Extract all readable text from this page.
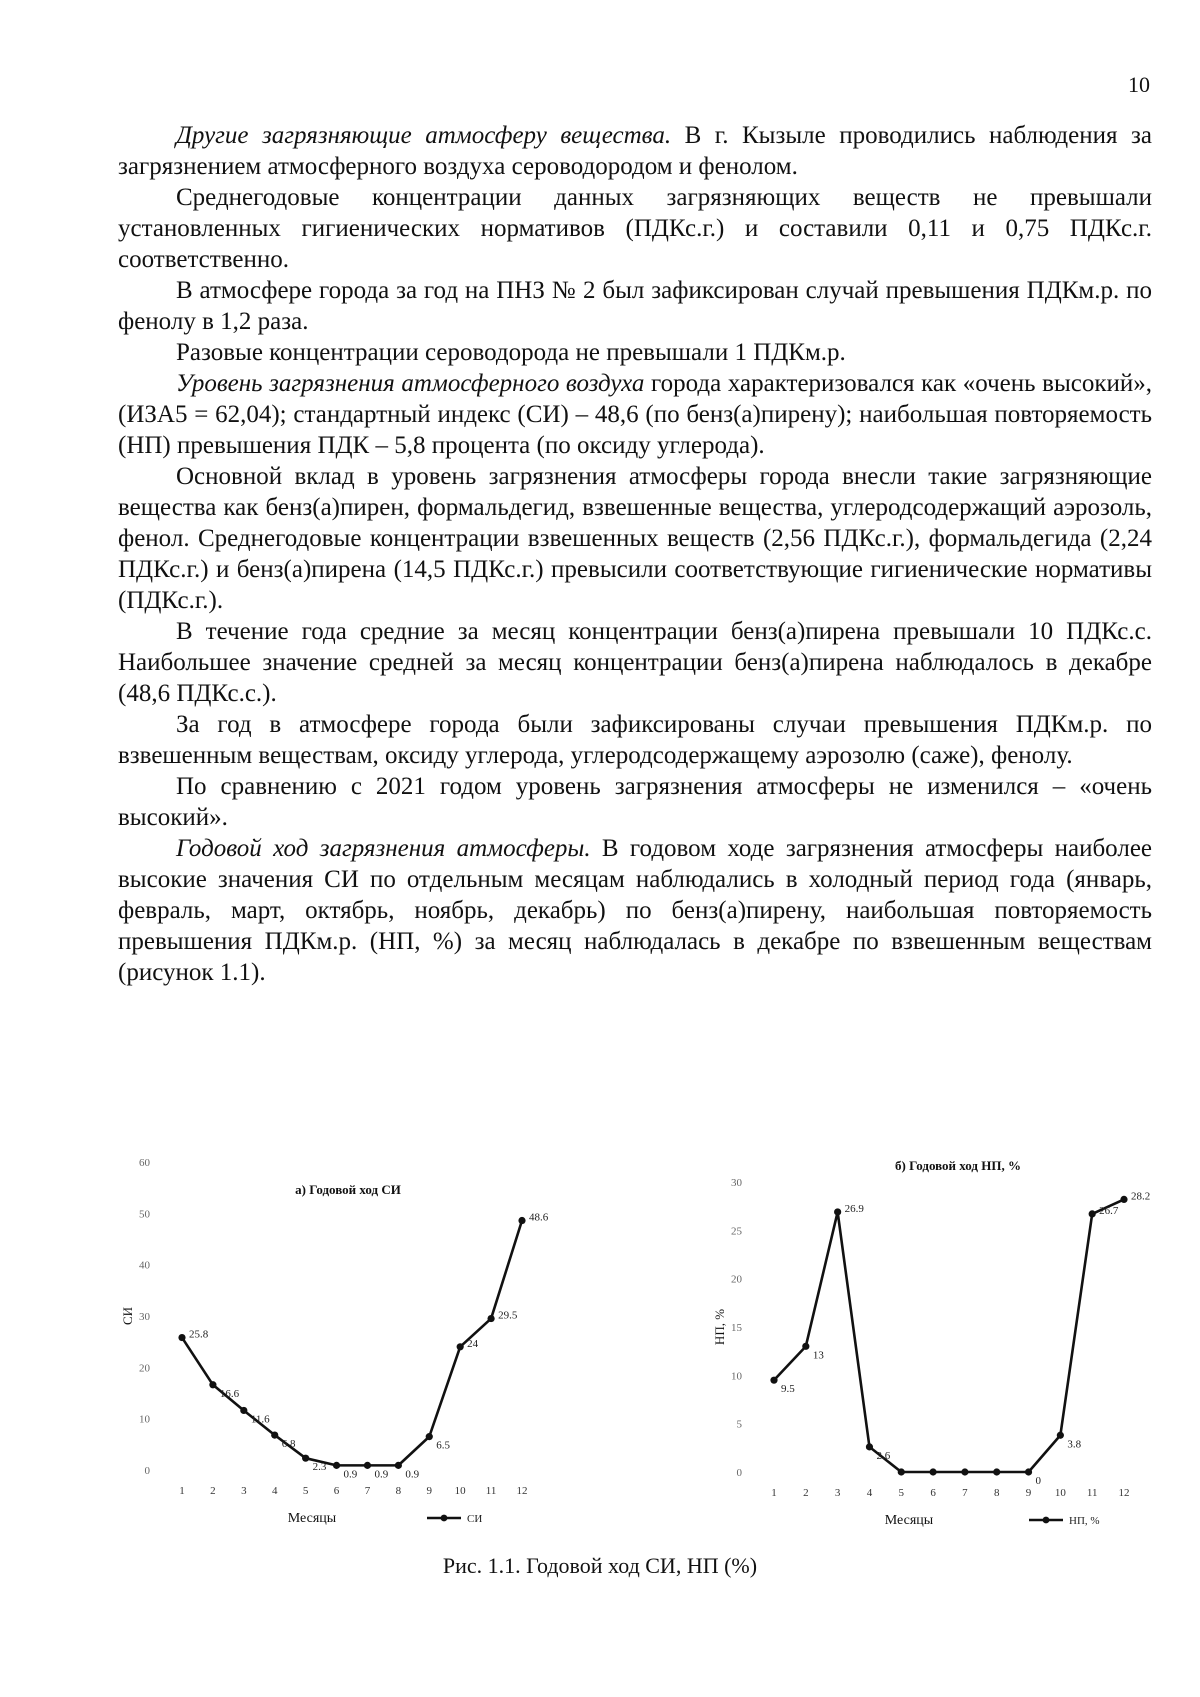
10

Другие загрязняющие атмосферу вещества. В г. Кызыле проводились наблюдения за загрязнением атмосферного воздуха сероводородом и фенолом.

Среднегодовые концентрации данных загрязняющих веществ не превышали установленных гигиенических нормативов (ПДКс.г.) и составили 0,11 и 0,75 ПДКс.г. соответственно.

В атмосфере города за год на ПНЗ № 2 был зафиксирован случай превышения ПДКм.р. по фенолу в 1,2 раза.

Разовые концентрации сероводорода не превышали 1 ПДКм.р.

Уровень загрязнения атмосферного воздуха города характеризовался как «очень высокий», (ИЗА5 = 62,04); стандартный индекс (СИ) – 48,6 (по бенз(а)пирену); наибольшая повторяемость (НП) превышения ПДК – 5,8 процента (по оксиду углерода).

Основной вклад в уровень загрязнения атмосферы города внесли такие загрязняющие вещества как бенз(а)пирен, формальдегид, взвешенные вещества, углеродсодержащий аэрозоль, фенол. Среднегодовые концентрации взвешенных веществ (2,56 ПДКс.г.), формальдегида (2,24 ПДКс.г.) и бенз(а)пирена (14,5 ПДКс.г.) превысили соответствующие гигиенические нормативы (ПДКс.г.).

В течение года средние за месяц концентрации бенз(а)пирена превышали 10 ПДКс.с. Наибольшее значение средней за месяц концентрации бенз(а)пирена наблюдалось в декабре (48,6 ПДКс.с.).

За год в атмосфере города были зафиксированы случаи превышения ПДКм.р. по взвешенным веществам, оксиду углерода, углеродсодержащему аэрозолю (саже), фенолу.

По сравнению с 2021 годом уровень загрязнения атмосферы не изменился – «очень высокий».

Годовой ход загрязнения атмосферы. В годовом ходе загрязнения атмосферы наиболее высокие значения СИ по отдельным месяцам наблюдались в холодный период года (январь, февраль, март, октябрь, ноябрь, декабрь) по бенз(а)пирену, наибольшая повторяемость превышения ПДКм.р. (НП, %) за месяц наблюдалась в декабре по взвешенным веществам (рисунок 1.1).

а) Годовой ход СИ
0
10
20
30
40
50
60
СИ
1 2 3 4 5 6 7 8 9 10 11 12
Месяцы
25.8
16.6
11.6
6.8
2.3
0.9 0.9 0.9
6.5
24
29.5
48.6
СИ
б) Годовой ход НП, %
0
5
10
15
20
25
30
НП, %
1 2 3 4 5 6 7 8 9 10 11 12
Месяцы
9.5
13
26.9
2.6
0
3.8
26.7
28.2
НП, %
Рис. 1.1. Годовой ход СИ, НП (%)
